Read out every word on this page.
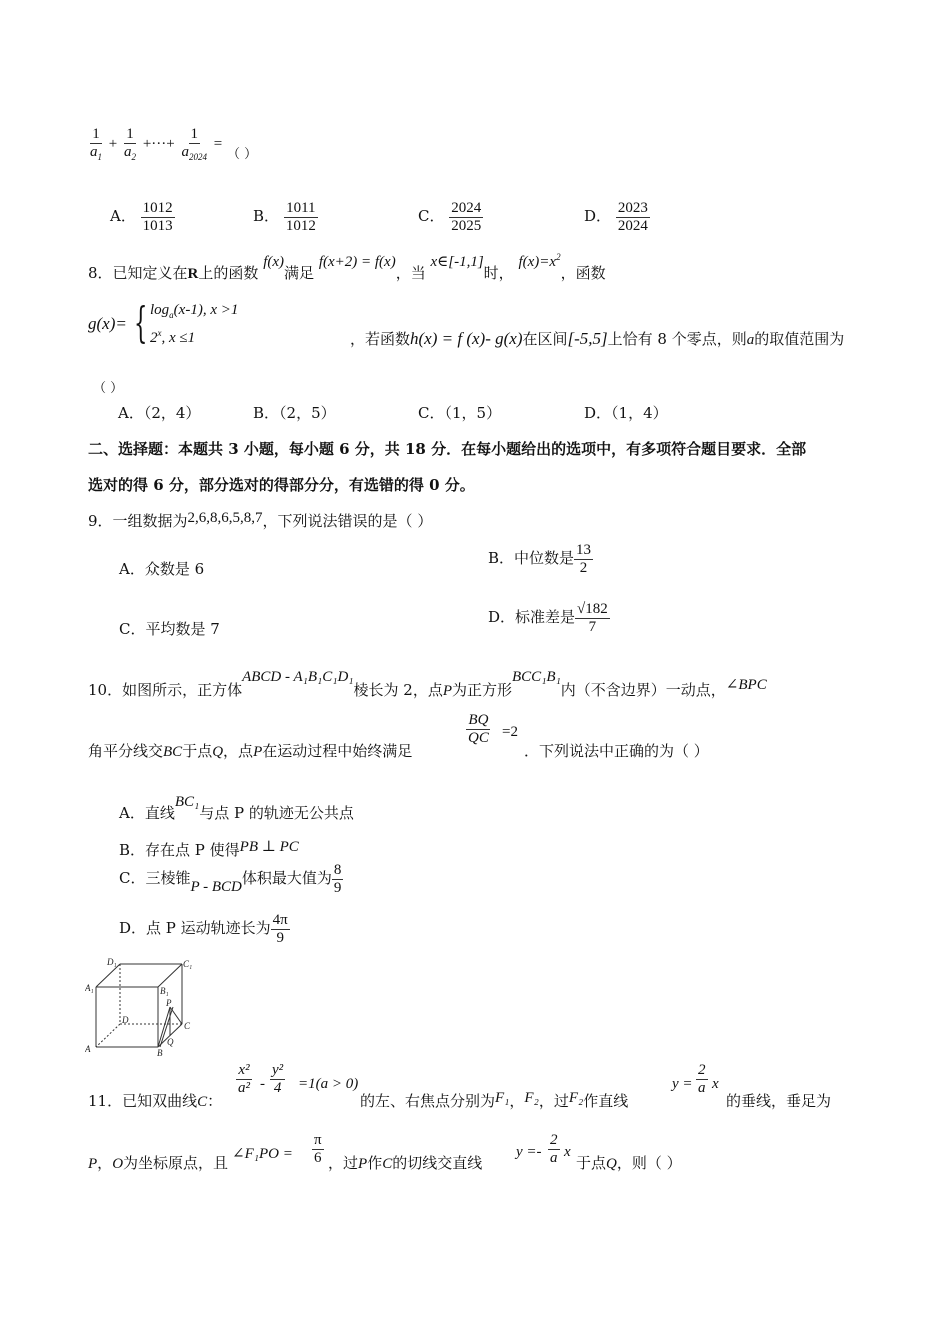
$\frac{1}{a_1} + \frac{1}{a_2}$ +···+ $\frac{1}{a_{2024}}$ = （ ）
A． $\frac{1012}{1013}$	B． $\frac{1011}{1012}$	C． $\frac{2024}{2025}$	D． $\frac{2023}{2024}$
8．已知定义在R上的函数 f(x)满足 f(x+2) = f(x)，当 x∈[-1,1]时， $f(x)=x^2$，函数
g(x)= { $\log_a(x-1)$, x >1
2$^x$, x ≤1	，若函数h(x) = f (x)- g(x)在区间[-5,5]上恰有 8 个零点，则a的取值范围为
（ ）
A．（2，4）	B．（2，5）	C．（1，5）	D．（1，4）
二、选择题：本题共 3 小题，每小题 6 分，共 18 分．在每小题给出的选项中，有多项符合题目要求．全部
选对的得 6 分，部分选对的得部分分，有选错的得 0 分。
9．一组数据为2,6,8,6,5,8,7，下列说法错误的是（ ）
A．众数是 6
B．中位数是 $\frac{13}{2}$
C．平均数是 7
D．标准差是 $\frac{√182}{7}$
10．如图所示，正方体ABCD - A₁B₁C₁D₁棱长为 2，点P为正方形BCC₁B₁内（不含边界）一动点，∠BPC
角平分线交BC于点Q，点P在运动过程中始终满足
$\frac{BQ}{QC} =2$
．下列说法中正确的为（ ）
A．直线BC₁与点 P 的轨迹无公共点
B．存在点 P 使得PB ⊥ PC
C．三棱锥P - BCD体积最大值为 $\frac{8}{9}$
D．点 P 运动轨迹长为 $\frac{4\pi}{9}$
A	B
C
D
A₁	B₁
C₁
D₁
P
Q
11．已知双曲线C：
$\frac{\text{x²}}{\text{a²}} - \frac{\text{y²}}{4} =1(a > 0)$
的左、右焦点分别为F₁，F₂，过F₂作直线
$y = \frac{2}{a}$ x
的垂线，垂足为
P，O为坐标原点，且 ∠F₁PO = $\frac{\pi}{6}$ ，过P作C的切线交直线
$y =- \frac{2}{a}$ x
于点Q，则（ ）
